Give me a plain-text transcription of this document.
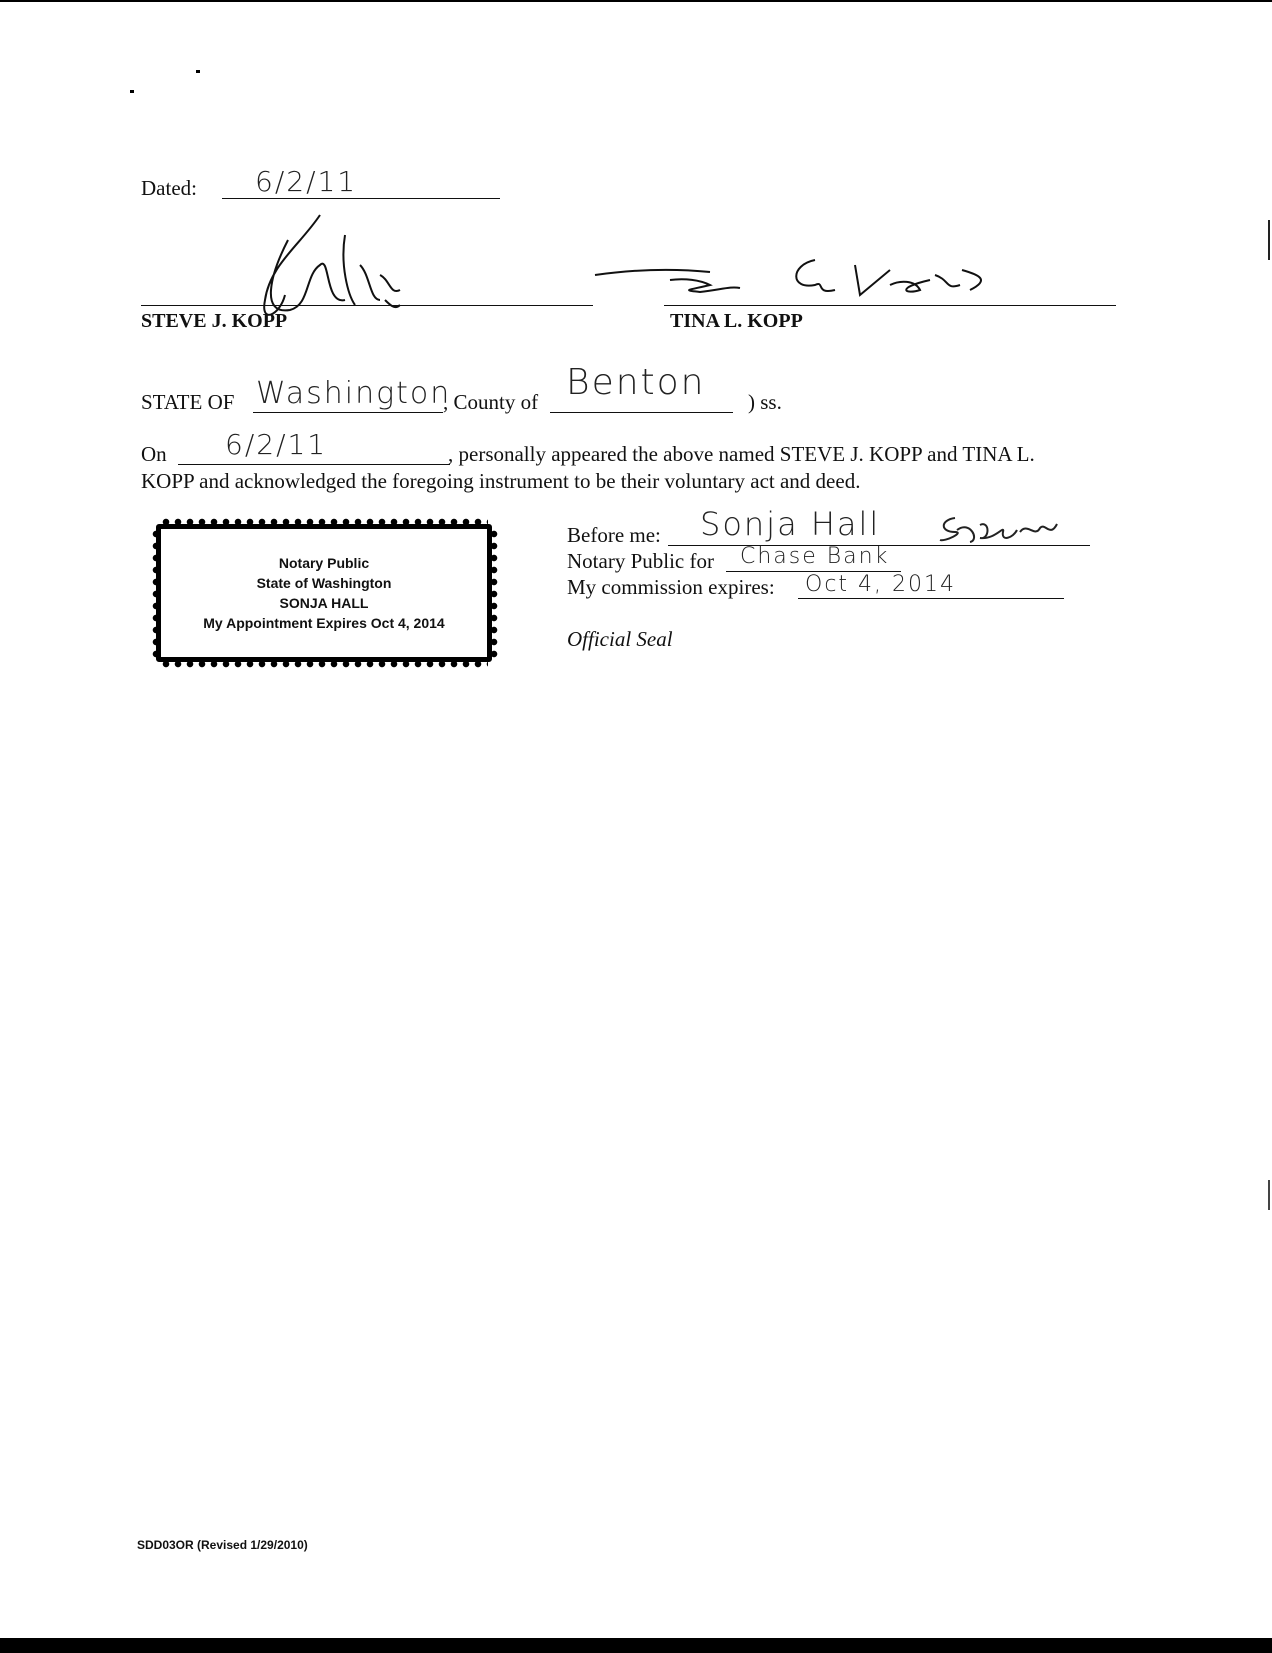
Dated: 6/2/11
STEVE J. KOPP	TINA L. KOPP
STATE OF Washington
, County of Benton ) ss.
On 6/2/11	, personally appeared the above named STEVE J. KOPP and TINA L.
KOPP and acknowledged the foregoing instrument to be their voluntary act and deed.
Notary Public
State of Washington
SONJA HALL
My Appointment Expires Oct 4, 2014
Before me: Sonja Hall
Notary Public for Chase Bank
My commission expires: Oct 4, 2014
Official Seal
SDD03OR (Revised 1/29/2010)
